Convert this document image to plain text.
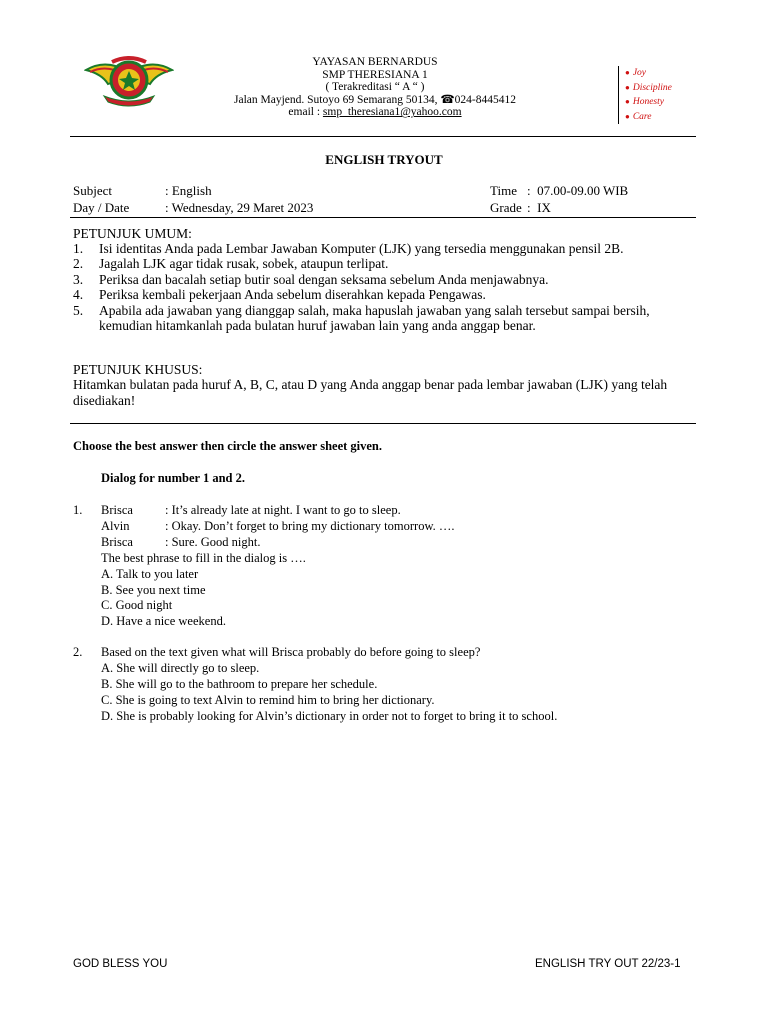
YAYASAN BERNARDUS
SMP THERESIANA 1
( Terakreditasi “ A “ )
Jalan Mayjend. Sutoyo 69 Semarang 50134, ☎024-8445412
email : smp_theresiana1@yahoo.com
● Joy
● Discipline
● Honesty
● Care
ENGLISH TRYOUT
Subject	: English
Day / Date	: Wednesday, 29 Maret 2023
Time :  07.00-09.00 WIB
Grade :  IX
PETUNJUK UMUM:
1. Isi identitas Anda pada Lembar Jawaban Komputer (LJK) yang tersedia menggunakan pensil 2B.
2. Jagalah LJK agar tidak rusak, sobek, ataupun terlipat.
3. Periksa dan bacalah setiap butir soal dengan seksama sebelum Anda menjawabnya.
4. Periksa kembali pekerjaan Anda sebelum diserahkan kepada Pengawas.
5. Apabila ada jawaban yang dianggap salah, maka hapuslah jawaban yang salah tersebut sampai bersih, kemudian hitamkanlah pada bulatan huruf jawaban lain yang anda anggap benar.
PETUNJUK KHUSUS:
Hitamkan bulatan pada huruf A, B, C, atau D yang Anda anggap benar pada lembar jawaban (LJK) yang telah disediakan!
Choose the best answer then circle the answer sheet given.
Dialog for number 1 and 2.
1. Brisca	: It’s already late at night. I want to go to sleep.
Alvin	: Okay. Don’t forget to bring my dictionary tomorrow. ….
Brisca	: Sure. Good night.
The best phrase to fill in the dialog is ….
A. Talk to you later
B. See you next time
C. Good night
D. Have a nice weekend.
2. Based on the text given what will Brisca probably do before going to sleep?
A. She will directly go to sleep.
B. She will go to the bathroom to prepare her schedule.
C. She is going to text Alvin to remind him to bring her dictionary.
D. She is probably looking for Alvin’s dictionary in order not to forget to bring it to school.
GOD BLESS YOU	ENGLISH TRY OUT 22/23-1
